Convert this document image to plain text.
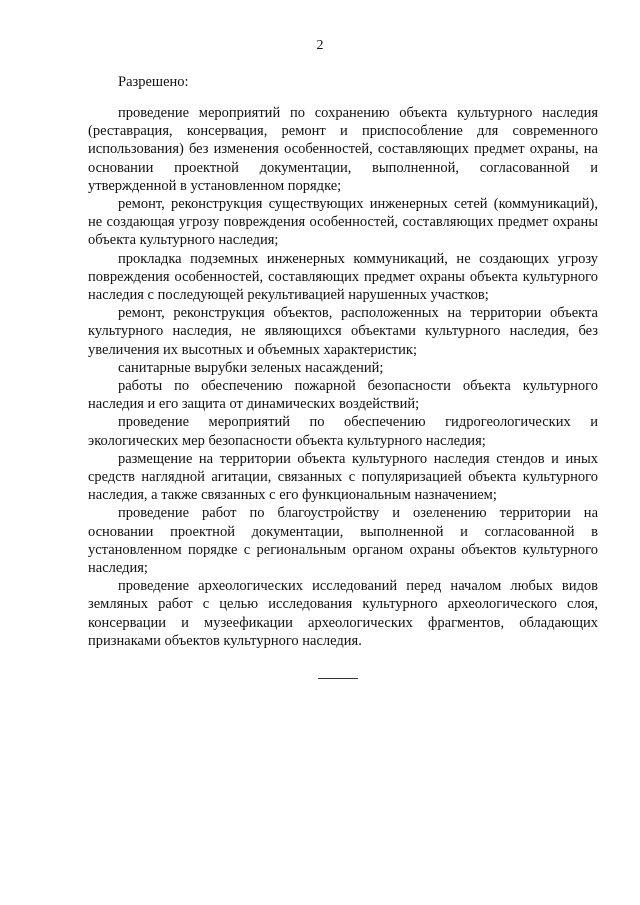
2
Разрешено:

проведение мероприятий по сохранению объекта культурного наследия (реставрация, консервация, ремонт и приспособление для современного использования) без изменения особенностей, составляющих предмет охраны, на основании проектной документации, выполненной, согласованной и утвержденной в установленном порядке;

ремонт, реконструкция существующих инженерных сетей (коммуникаций), не создающая угрозу повреждения особенностей, составляющих предмет охраны объекта культурного наследия;

прокладка подземных инженерных коммуникаций, не создающих угрозу повреждения особенностей, составляющих предмет охраны объекта культурного наследия с последующей рекультивацией нарушенных участков;

ремонт, реконструкция объектов, расположенных на территории объекта культурного наследия, не являющихся объектами культурного наследия, без увеличения их высотных и объемных характеристик;

санитарные вырубки зеленых насаждений;

работы по обеспечению пожарной безопасности объекта культурного наследия и его защита от динамических воздействий;

проведение мероприятий по обеспечению гидрогеологических и экологических мер безопасности объекта культурного наследия;

размещение на территории объекта культурного наследия стендов и иных средств наглядной агитации, связанных с популяризацией объекта культурного наследия, а также связанных с его функциональным назначением;

проведение работ по благоустройству и озеленению территории на основании проектной документации, выполненной и согласованной в установленном порядке с региональным органом охраны объектов культурного наследия;

проведение археологических исследований перед началом любых видов земляных работ с целью исследования культурного археологического слоя, консервации и музеефикации археологических фрагментов, обладающих признаками объектов культурного наследия.
